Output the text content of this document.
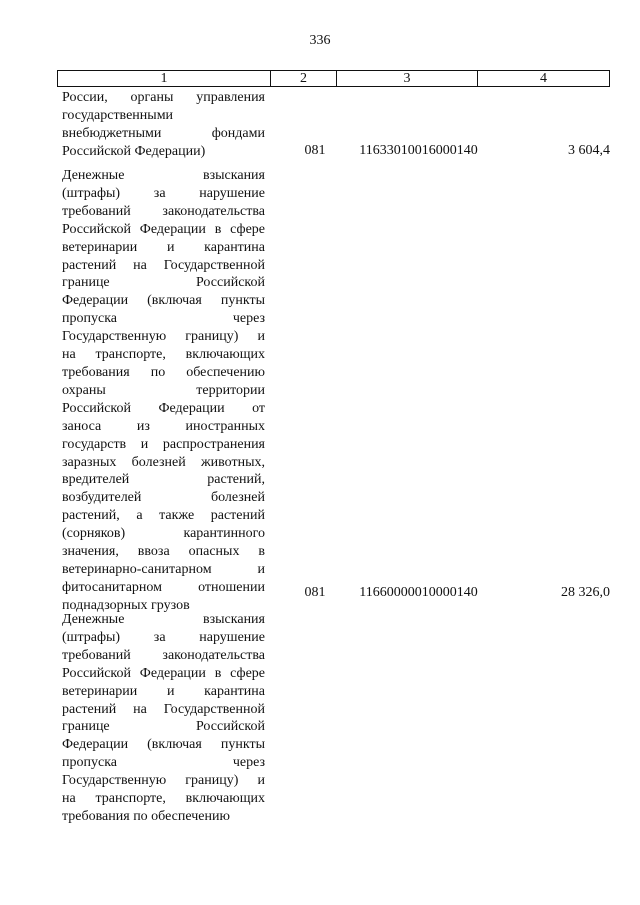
336
1	2	3	4
России, органы управления
государственными
внебюджетными фондами
Российской Федерации)	081	11633010016000140	3 604,4
Денежные взыскания
(штрафы) за нарушение
требований законодательства
Российской Федерации в сфере
ветеринарии и карантина
растений на Государственной
границе Российской
Федерации (включая пункты
пропуска через
Государственную границу) и
на транспорте, включающих
требования по обеспечению
охраны территории
Российской Федерации от
заноса из иностранных
государств и распространения
заразных болезней животных,
вредителей растений,
возбудителей болезней
растений, а также растений
(сорняков) карантинного
значения, ввоза опасных в
ветеринарно-санитарном и
фитосанитарном отношении
поднадзорных грузов
081	11660000010000140	28 326,0
Денежные взыскания
(штрафы) за нарушение
требований законодательства
Российской Федерации в сфере
ветеринарии и карантина
растений на Государственной
границе Российской
Федерации (включая пункты
пропуска через
Государственную границу) и
на транспорте, включающих
требования по обеспечению
